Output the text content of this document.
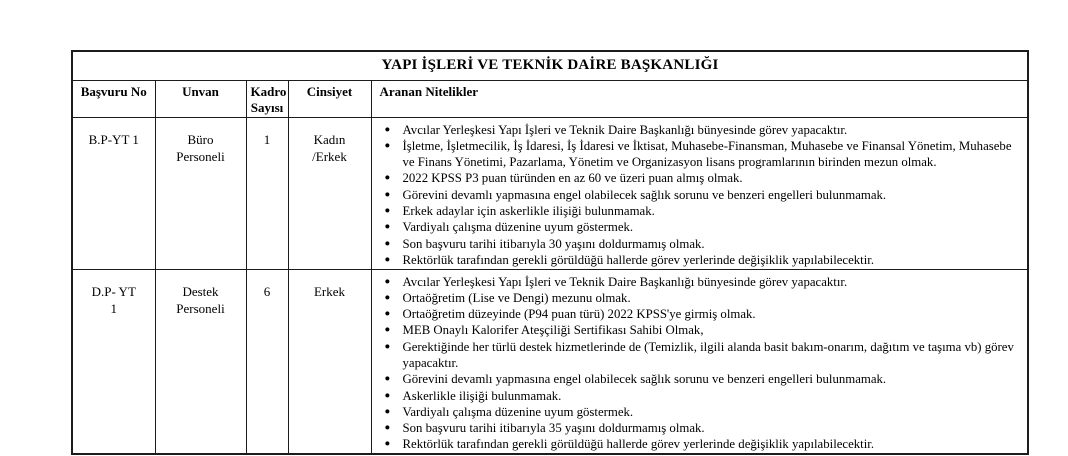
YAPI İŞLERİ VE TEKNİK DAİRE BAŞKANLIĞI				
Başvuru No	Unvan	Kadro Sayısı	Cinsiyet	Aranan Nitelikler
B.P-YT 1	Büro Personeli	1	Kadın /Erkek	
● Avcılar Yerleşkesi Yapı İşleri ve Teknik Daire Başkanlığı bünyesinde görev yapacaktır.
● İşletme, İşletmecilik, İş İdaresi, İş İdaresi ve İktisat, Muhasebe-Finansman, Muhasebe ve Finansal Yönetim, Muhasebe ve Finans Yönetimi, Pazarlama, Yönetim ve Organizasyon lisans programlarının birinden mezun olmak.
● 2022 KPSS P3 puan türünden en az 60 ve üzeri puan almış olmak.
● Görevini devamlı yapmasına engel olabilecek sağlık sorunu ve benzeri engelleri bulunmamak.
● Erkek adaylar için askerlikle ilişiği bulunmamak.
● Vardiyalı çalışma düzenine uyum göstermek.
● Son başvuru tarihi itibarıyla 30 yaşını doldurmamış olmak.
● Rektörlük tarafından gerekli görüldüğü hallerde görev yerlerinde değişiklik yapılabilecektir.

D.P- YT 1	Destek Personeli	6	Erkek	
● Avcılar Yerleşkesi Yapı İşleri ve Teknik Daire Başkanlığı bünyesinde görev yapacaktır.
● Ortaöğretim (Lise ve Dengi) mezunu olmak.
● Ortaöğretim düzeyinde (P94 puan türü) 2022 KPSS'ye girmiş olmak.
● MEB Onaylı Kalorifer Ateşçiliği Sertifikası Sahibi Olmak,
● Gerektiğinde her türlü destek hizmetlerinde de (Temizlik, ilgili alanda basit bakım-onarım, dağıtım ve taşıma vb) görev yapacaktır.
● Görevini devamlı yapmasına engel olabilecek sağlık sorunu ve benzeri engelleri bulunmamak.
● Askerlikle ilişiği bulunmamak.
● Vardiyalı çalışma düzenine uyum göstermek.
● Son başvuru tarihi itibarıyla 35 yaşını doldurmamış olmak.
● Rektörlük tarafından gerekli görüldüğü hallerde görev yerlerinde değişiklik yapılabilecektir.
